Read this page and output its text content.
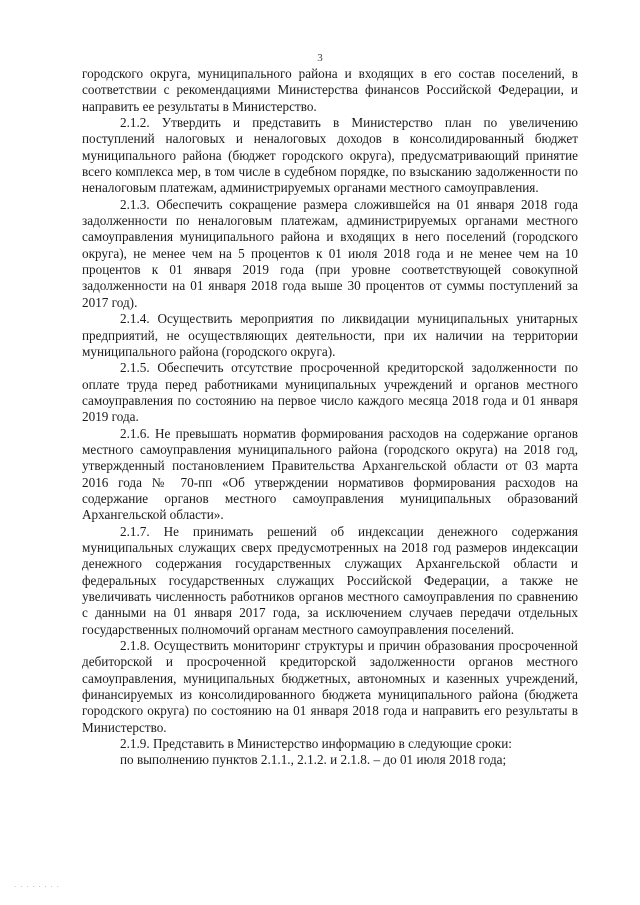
3

городского округа, муниципального района и входящих в его состав поселений, в соответствии с рекомендациями Министерства финансов Российской Федерации, и направить ее результаты в Министерство.

2.1.2. Утвердить и представить в Министерство план по увеличению поступлений налоговых и неналоговых доходов в консолидированный бюджет муниципального района (бюджет городского округа), предусматривающий принятие всего комплекса мер, в том числе в судебном порядке, по взысканию задолженности по неналоговым платежам, администрируемых органами местного самоуправления.

2.1.3. Обеспечить сокращение размера сложившейся на 01 января 2018 года задолженности по неналоговым платежам, администрируемых органами местного самоуправления муниципального района и входящих в него поселений (городского округа), не менее чем на 5 процентов к 01 июля 2018 года и не менее чем на 10 процентов к 01 января 2019 года (при уровне соответствующей совокупной задолженности на 01 января 2018 года выше 30 процентов от суммы поступлений за 2017 год).

2.1.4. Осуществить мероприятия по ликвидации муниципальных унитарных предприятий, не осуществляющих деятельности, при их наличии на территории муниципального района (городского округа).

2.1.5. Обеспечить отсутствие просроченной кредиторской задолженности по оплате труда перед работниками муниципальных учреждений и органов местного самоуправления по состоянию на первое число каждого месяца 2018 года и 01 января 2019 года.

2.1.6. Не превышать норматив формирования расходов на содержание органов местного самоуправления муниципального района (городского округа) на 2018 год, утвержденный постановлением Правительства Архангельской области от 03 марта 2016 года № 70-пп «Об утверждении нормативов формирования расходов на содержание органов местного самоуправления муниципальных образований Архангельской области».

2.1.7. Не принимать решений об индексации денежного содержания муниципальных служащих сверх предусмотренных на 2018 год размеров индексации денежного содержания государственных служащих Архангельской области и федеральных государственных служащих Российской Федерации, а также не увеличивать численность работников органов местного самоуправления по сравнению с данными на 01 января 2017 года, за исключением случаев передачи отдельных государственных полномочий органам местного самоуправления поселений.

2.1.8. Осуществить мониторинг структуры и причин образования просроченной дебиторской и просроченной кредиторской задолженности органов местного самоуправления, муниципальных бюджетных, автономных и казенных учреждений, финансируемых из консолидированного бюджета муниципального района (бюджета городского округа) по состоянию на 01 января 2018 года и направить его результаты в Министерство.

2.1.9. Представить в Министерство информацию в следующие сроки:

по выполнению пунктов 2.1.1., 2.1.2. и 2.1.8. – до 01 июля 2018 года;

· · · · · · · ·
